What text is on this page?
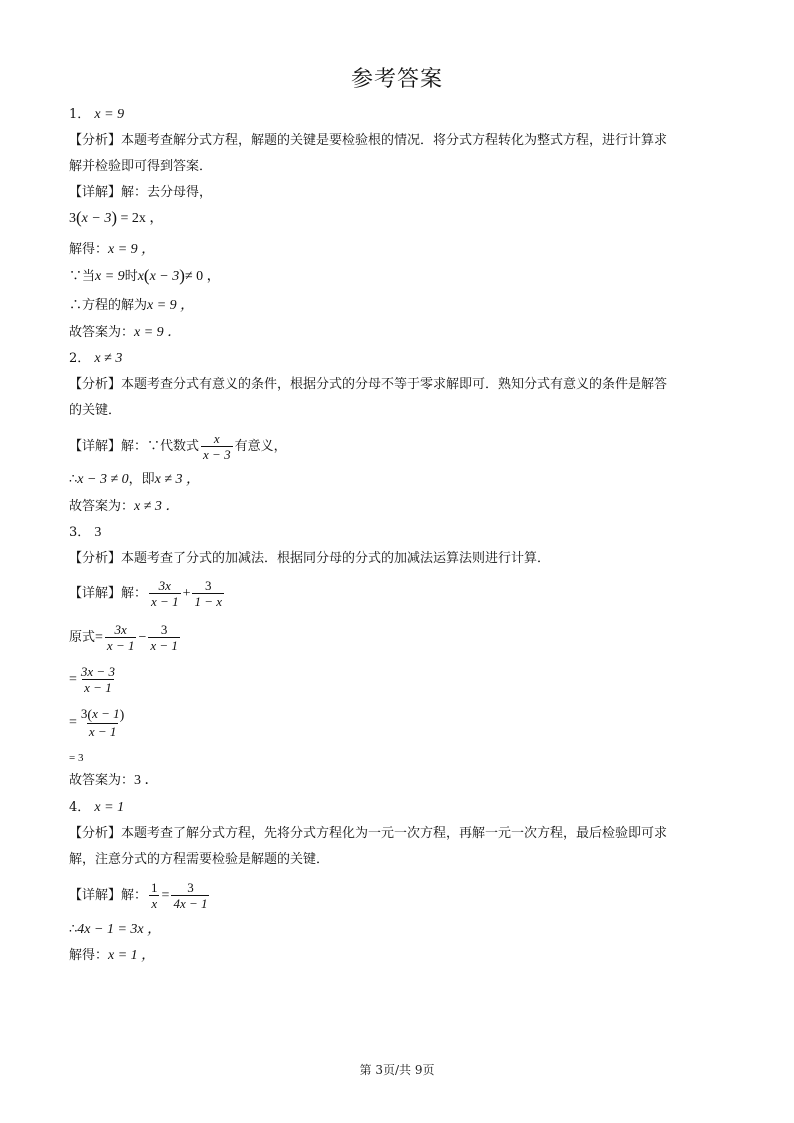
参考答案
1． x = 9
【分析】本题考查解分式方程，解题的关键是要检验根的情况．将分式方程转化为整式方程，进行计算求
解并检验即可得到答案．
【详解】解：去分母得，
3(x − 3) = 2x ，
解得：x = 9 ，
∵当x = 9时x(x − 3)≠ 0 ，
∴方程的解为x = 9 ，
故答案为：x = 9 ．
2． x ≠ 3
【分析】本题考查分式有意义的条件，根据分式的分母不等于零求解即可．熟知分式有意义的条件是解答
的关键．
【详解】解：∵代数式 $\frac{x}{x - 3}$ 有意义，
∴x − 3 ≠ 0，即x ≠ 3 ，
故答案为：x ≠ 3 ．
3． 3
【分析】本题考查了分式的加减法．根据同分母的分式的加减法运算法则进行计算．
【详解】解： $\frac{3x}{x - 1} + \frac{3}{1 - x}$
原式= $\frac{3x}{x - 1} - \frac{3}{x - 1}$
= $\frac{3x - 3}{x - 1}$
= $\frac{3(x - 1)}{x - 1}$
= 3
故答案为：3 ．
4． x = 1
【分析】本题考查了解分式方程，先将分式方程化为一元一次方程，再解一元一次方程，最后检验即可求
解，注意分式的方程需要检验是解题的关键．
【详解】解： $\frac{1}{x} = \frac{3}{4x - 1}$
∴4x − 1 = 3x ，
解得：x = 1 ，
第 3页/共 9页
